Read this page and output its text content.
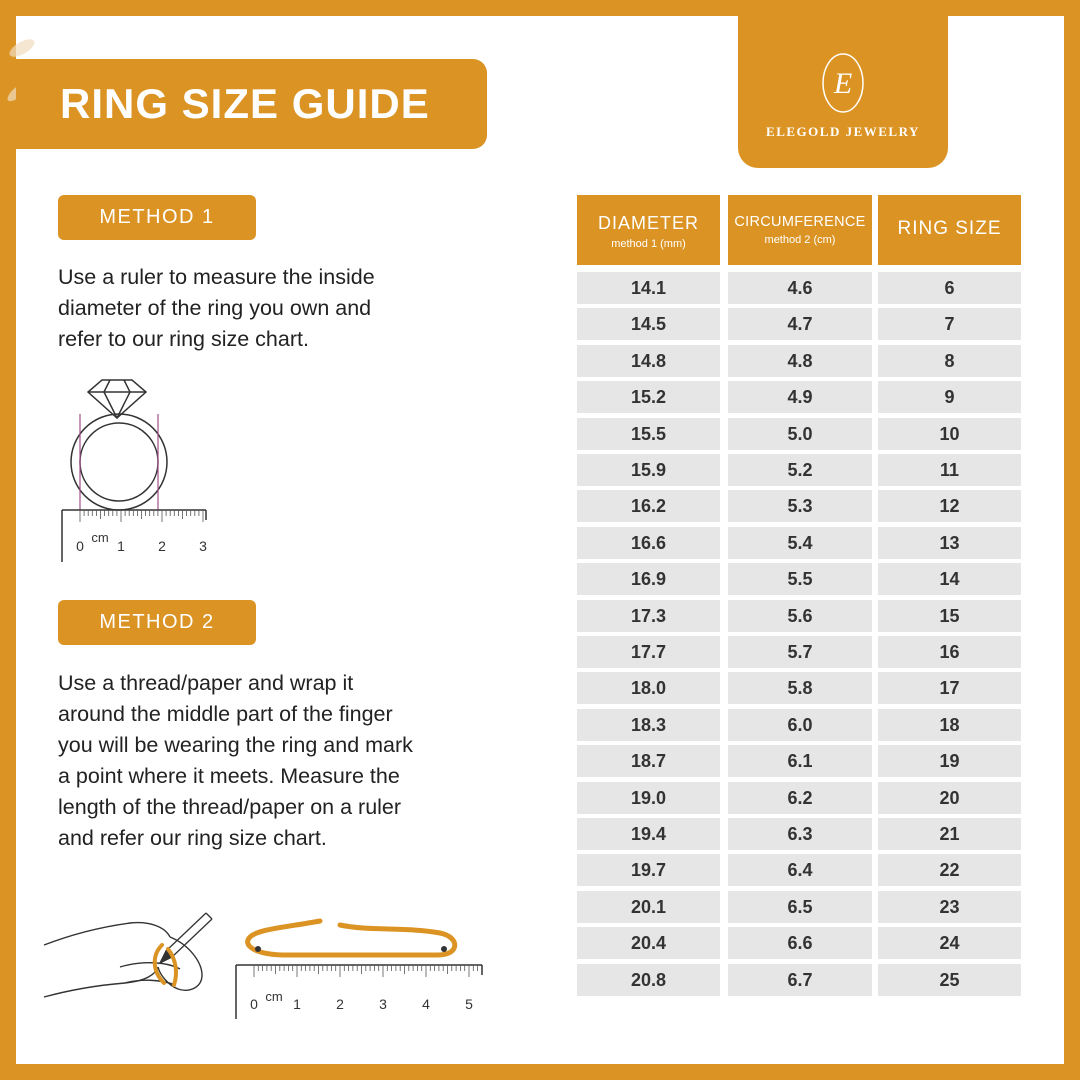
RING SIZE GUIDE	E
ELEGOLD JEWELRY
METHOD 1
Use a ruler to measure the inside
diameter of the ring you own and
refer to our ring size chart.
0 1 2 3
cm
METHOD 2
Use a thread/paper and wrap it
around the middle part of the finger
you will be wearing the ring and mark
a point where it meets. Measure the
length of the thread/paper on a ruler
and refer our ring size chart.
0	1	2	3	4	5
cm
DIAMETER
method 1 (mm)
CIRCUMFERENCE
method 2 (cm)
RING SIZE
14.1	4.6	6
14.5	4.7	7
14.8	4.8	8
15.2	4.9	9
15.5	5.0	10
15.9	5.2	11
16.2	5.3	12
16.6	5.4	13
16.9	5.5	14
17.3	5.6	15
17.7	5.7	16
18.0	5.8	17
18.3	6.0	18
18.7	6.1	19
19.0	6.2	20
19.4	6.3	21
19.7	6.4	22
20.1	6.5	23
20.4	6.6	24
20.8	6.7	25
